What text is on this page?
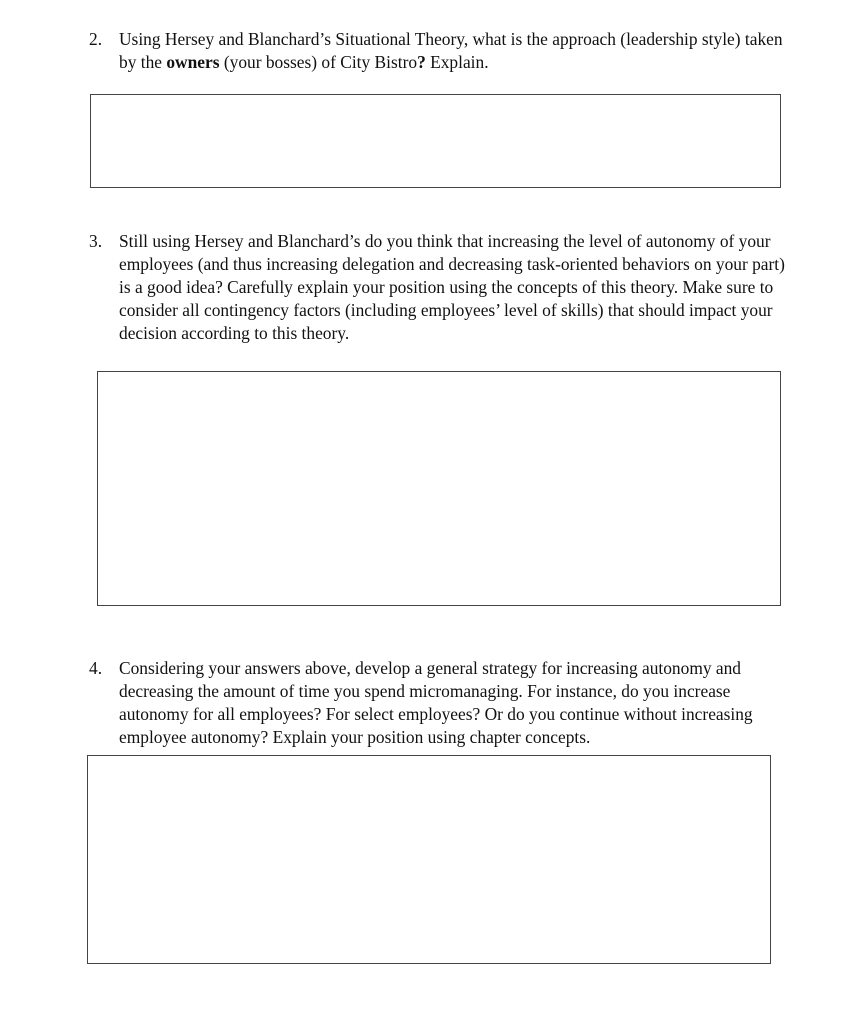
2. Using Hersey and Blanchard’s Situational Theory, what is the approach (leadership style) taken by the owners (your bosses) of City Bistro? Explain.
3. Still using Hersey and Blanchard’s do you think that increasing the level of autonomy of your employees (and thus increasing delegation and decreasing task-oriented behaviors on your part) is a good idea? Carefully explain your position using the concepts of this theory. Make sure to consider all contingency factors (including employees’ level of skills) that should impact your decision according to this theory.
4. Considering your answers above, develop a general strategy for increasing autonomy and decreasing the amount of time you spend micromanaging. For instance, do you increase autonomy for all employees? For select employees? Or do you continue without increasing employee autonomy? Explain your position using chapter concepts.
